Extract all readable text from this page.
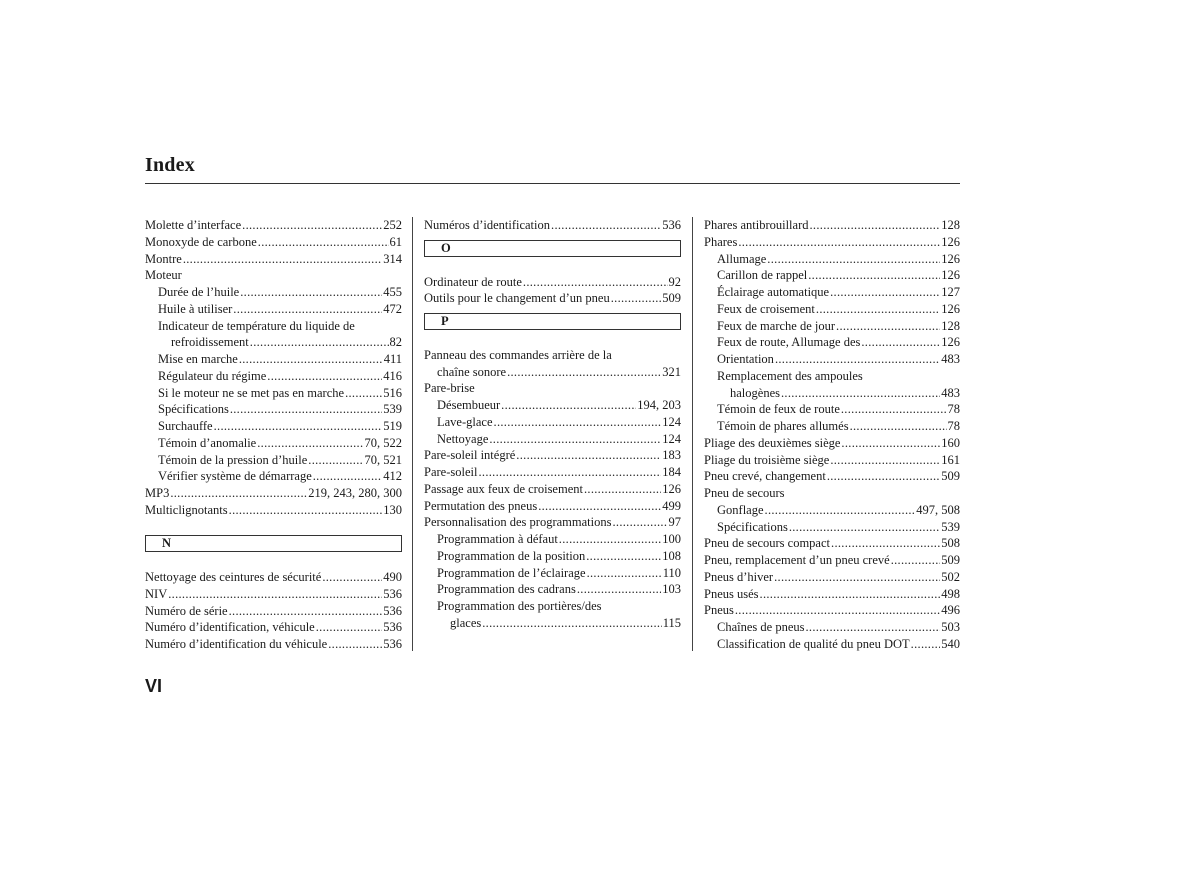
Index
Molette d’interface .....	252
Monoxyde de carbone .....	61
Montre .....	314
Moteur
Durée de l’huile .....	455
Huile à utiliser .....	472
Indicateur de température du liquide de
refroidissement .....	82
Mise en marche .....	411
Régulateur du régime .....	416
Si le moteur ne se met pas en marche .....	516
Spécifications .....	539
Surchauffe .....	519
Témoin d’anomalie .....	70, 522
Témoin de la pression d’huile .....	70, 521
Vérifier système de démarrage .....	412
MP3 .....	219, 243, 280, 300
Multiclignotants .....	130
N
Nettoyage des ceintures de sécurité .....	490
NIV .....	536
Numéro de série .....	536
Numéro d’identification, véhicule .....	536
Numéro d’identification du véhicule .....	536
Numéros d’identification .....	536
O
Ordinateur de route .....	92
Outils pour le changement d’un pneu .....	509
P
Panneau des commandes arrière de la
chaîne sonore .....	321
Pare-brise
Désembueur .....	194, 203
Lave-glace .....	124
Nettoyage .....	124
Pare-soleil intégré .....	183
Pare-soleil .....	184
Passage aux feux de croisement .....	126
Permutation des pneus .....	499
Personnalisation des programmations .....	97
Programmation à défaut .....	100
Programmation de la position .....	108
Programmation de l’éclairage .....	110
Programmation des cadrans .....	103
Programmation des portières/des
glaces .....	115
Phares antibrouillard .....	128
Phares .....	126
Allumage .....	126
Carillon de rappel .....	126
Éclairage automatique .....	127
Feux de croisement .....	126
Feux de marche de jour .....	128
Feux de route, Allumage des .....	126
Orientation .....	483
Remplacement des ampoules
halogènes .....	483
Témoin de feux de route .....	78
Témoin de phares allumés .....	78
Pliage des deuxièmes siège .....	160
Pliage du troisième siège .....	161
Pneu crevé, changement .....	509
Pneu de secours
Gonflage .....	497, 508
Spécifications .....	539
Pneu de secours compact .....	508
Pneu, remplacement d’un pneu crevé .....	509
Pneus d’hiver .....	502
Pneus usés .....	498
Pneus .....	496
Chaînes de pneus .....	503
Classification de qualité du pneu DOT .....	540
VI
